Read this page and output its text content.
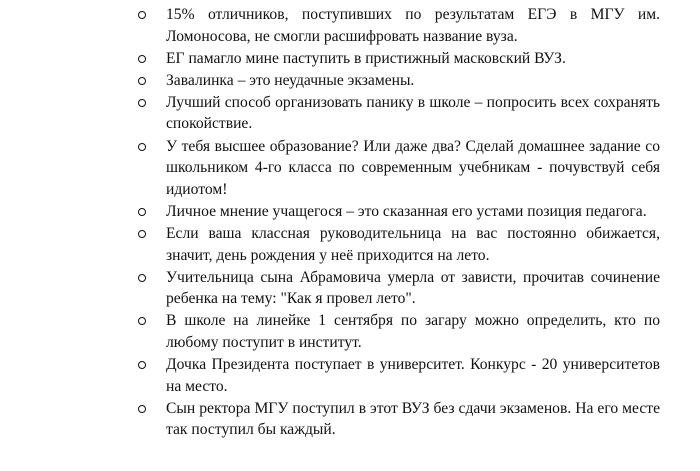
15% отличников, поступивших по результатам ЕГЭ в МГУ им. Ломоносова, не смогли расшифровать название вуза.
ЕГ памагло мине паступить в пристижный масковский ВУЗ.
Завалинка – это неудачные экзамены.
Лучший способ организовать панику в школе – попросить всех сохранять спокойствие.
У тебя высшее образование? Или даже два? Сделай домашнее задание со школьником 4-го класса по современным учебникам - почувствуй себя идиотом!
Личное мнение учащегося – это сказанная его устами позиция педагога.
Если ваша классная руководительница на вас постоянно обижается, значит, день рождения у неё приходится на лето.
Учительница сына Абрамовича умерла от зависти, прочитав сочинение ребенка на тему: "Как я провел лето".
В школе на линейке 1 сентября по загару можно определить, кто по любому поступит в институт.
Дочка Президента поступает в университет. Конкурс - 20 университетов на место.
Сын ректора МГУ поступил в этот ВУЗ без сдачи экзаменов. На его месте так поступил бы каждый.
